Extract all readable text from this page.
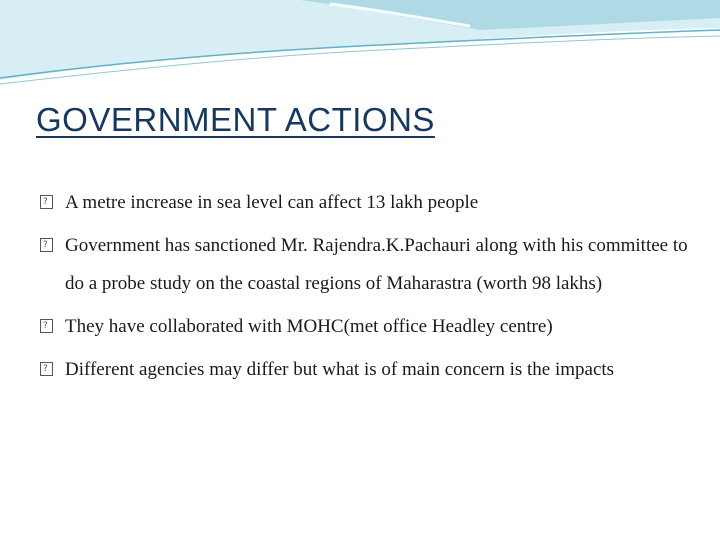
GOVERNMENT ACTIONS
?
A metre increase in sea level can affect 13 lakh people
?
Government has sanctioned Mr. Rajendra.K.Pachauri along with his committee to do a probe study on the coastal regions of Maharastra (worth 98 lakhs)
?
They have collaborated with MOHC(met office Headley centre)
?
Different agencies may differ but what is of main concern is the impacts
